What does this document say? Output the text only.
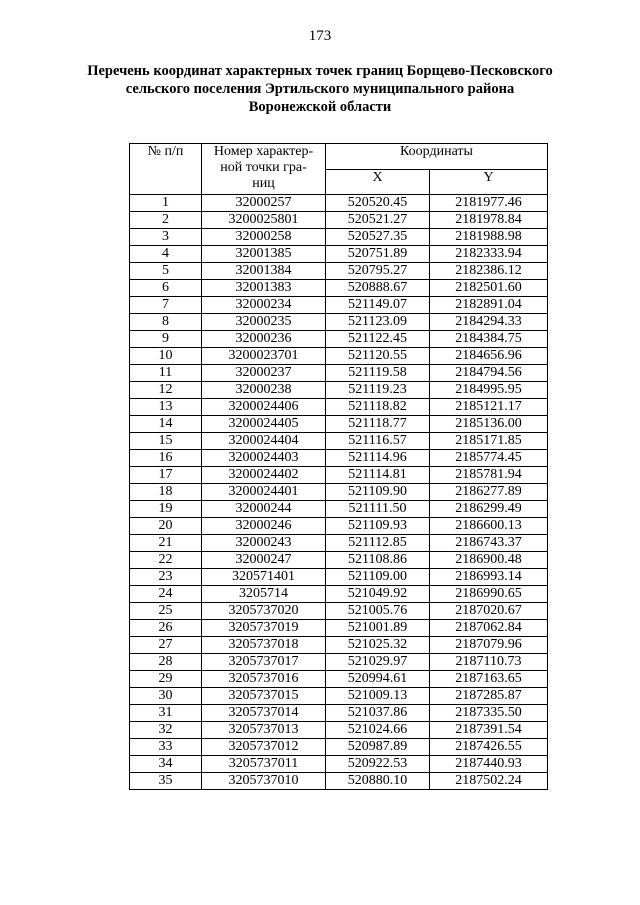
173
Перечень координат характерных точек границ Борщево-Песковского
сельского поселения Эртильского муниципального района
Воронежской области
№ п/п	Номер характер-
ной точки гра-
ниц	Координаты	
		X	Y
1	32000257	520520.45	2181977.46
2	3200025801	520521.27	2181978.84
3	32000258	520527.35	2181988.98
4	32001385	520751.89	2182333.94
5	32001384	520795.27	2182386.12
6	32001383	520888.67	2182501.60
7	32000234	521149.07	2182891.04
8	32000235	521123.09	2184294.33
9	32000236	521122.45	2184384.75
10	3200023701	521120.55	2184656.96
11	32000237	521119.58	2184794.56
12	32000238	521119.23	2184995.95
13	3200024406	521118.82	2185121.17
14	3200024405	521118.77	2185136.00
15	3200024404	521116.57	2185171.85
16	3200024403	521114.96	2185774.45
17	3200024402	521114.81	2185781.94
18	3200024401	521109.90	2186277.89
19	32000244	521111.50	2186299.49
20	32000246	521109.93	2186600.13
21	32000243	521112.85	2186743.37
22	32000247	521108.86	2186900.48
23	320571401	521109.00	2186993.14
24	3205714	521049.92	2186990.65
25	3205737020	521005.76	2187020.67
26	3205737019	521001.89	2187062.84
27	3205737018	521025.32	2187079.96
28	3205737017	521029.97	2187110.73
29	3205737016	520994.61	2187163.65
30	3205737015	521009.13	2187285.87
31	3205737014	521037.86	2187335.50
32	3205737013	521024.66	2187391.54
33	3205737012	520987.89	2187426.55
34	3205737011	520922.53	2187440.93
35	3205737010	520880.10	2187502.24
